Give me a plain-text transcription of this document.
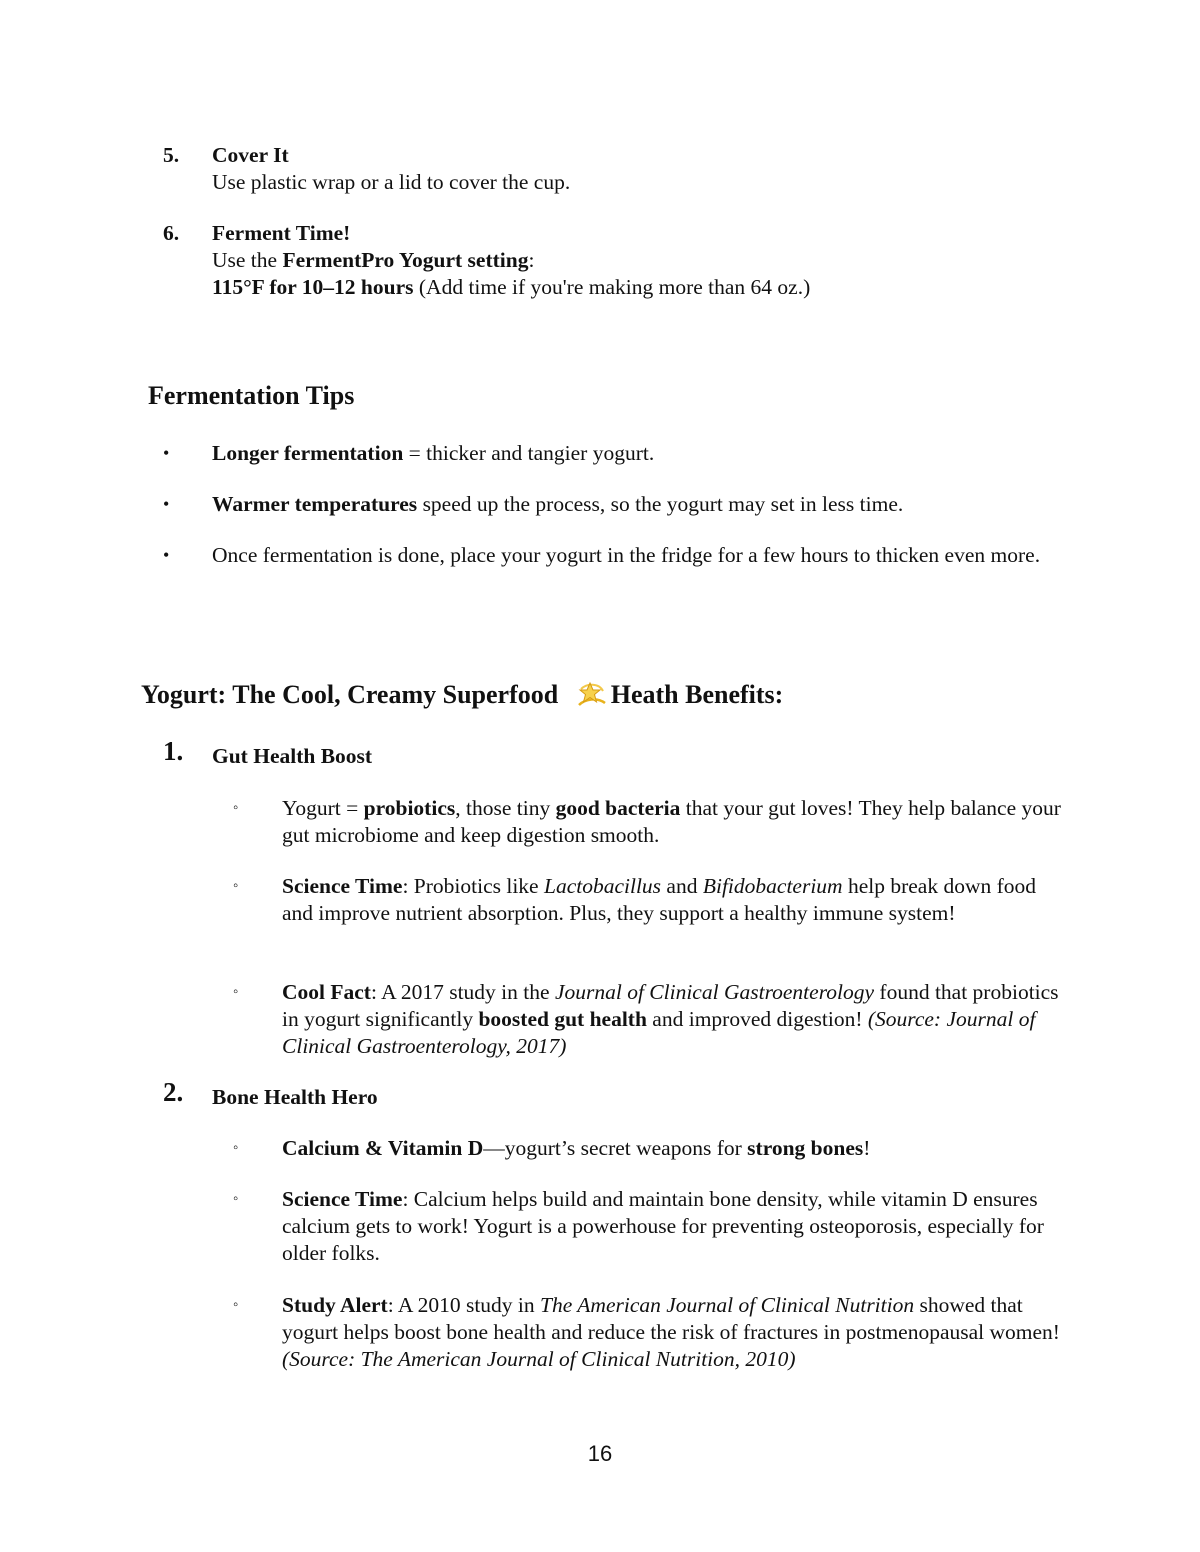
5. Cover It
Use plastic wrap or a lid to cover the cup.
6. Ferment Time!
Use the FermentPro Yogurt setting:
115°F for 10–12 hours (Add time if you're making more than 64 oz.)
Fermentation Tips
• Longer fermentation = thicker and tangier yogurt.
• Warmer temperatures speed up the process, so the yogurt may set in less time.
• Once fermentation is done, place your yogurt in the fridge for a few hours to thicken even more.
Yogurt: The Cool, Creamy Superfood Heath Benefits:
1. Gut Health Boost
◦ Yogurt = probiotics, those tiny good bacteria that your gut loves! They help balance your gut microbiome and keep digestion smooth.
◦ Science Time: Probiotics like Lactobacillus and Bifidobacterium help break down food and improve nutrient absorption. Plus, they support a healthy immune system!
◦ Cool Fact: A 2017 study in the Journal of Clinical Gastroenterology found that probiotics in yogurt significantly boosted gut health and improved digestion! (Source: Journal of Clinical Gastroenterology, 2017)
2. Bone Health Hero
◦ Calcium & Vitamin D—yogurt’s secret weapons for strong bones!
◦ Science Time: Calcium helps build and maintain bone density, while vitamin D ensures calcium gets to work! Yogurt is a powerhouse for preventing osteoporosis, especially for older folks.
◦ Study Alert: A 2010 study in The American Journal of Clinical Nutrition showed that yogurt helps boost bone health and reduce the risk of fractures in postmenopausal women! (Source: The American Journal of Clinical Nutrition, 2010)
16
